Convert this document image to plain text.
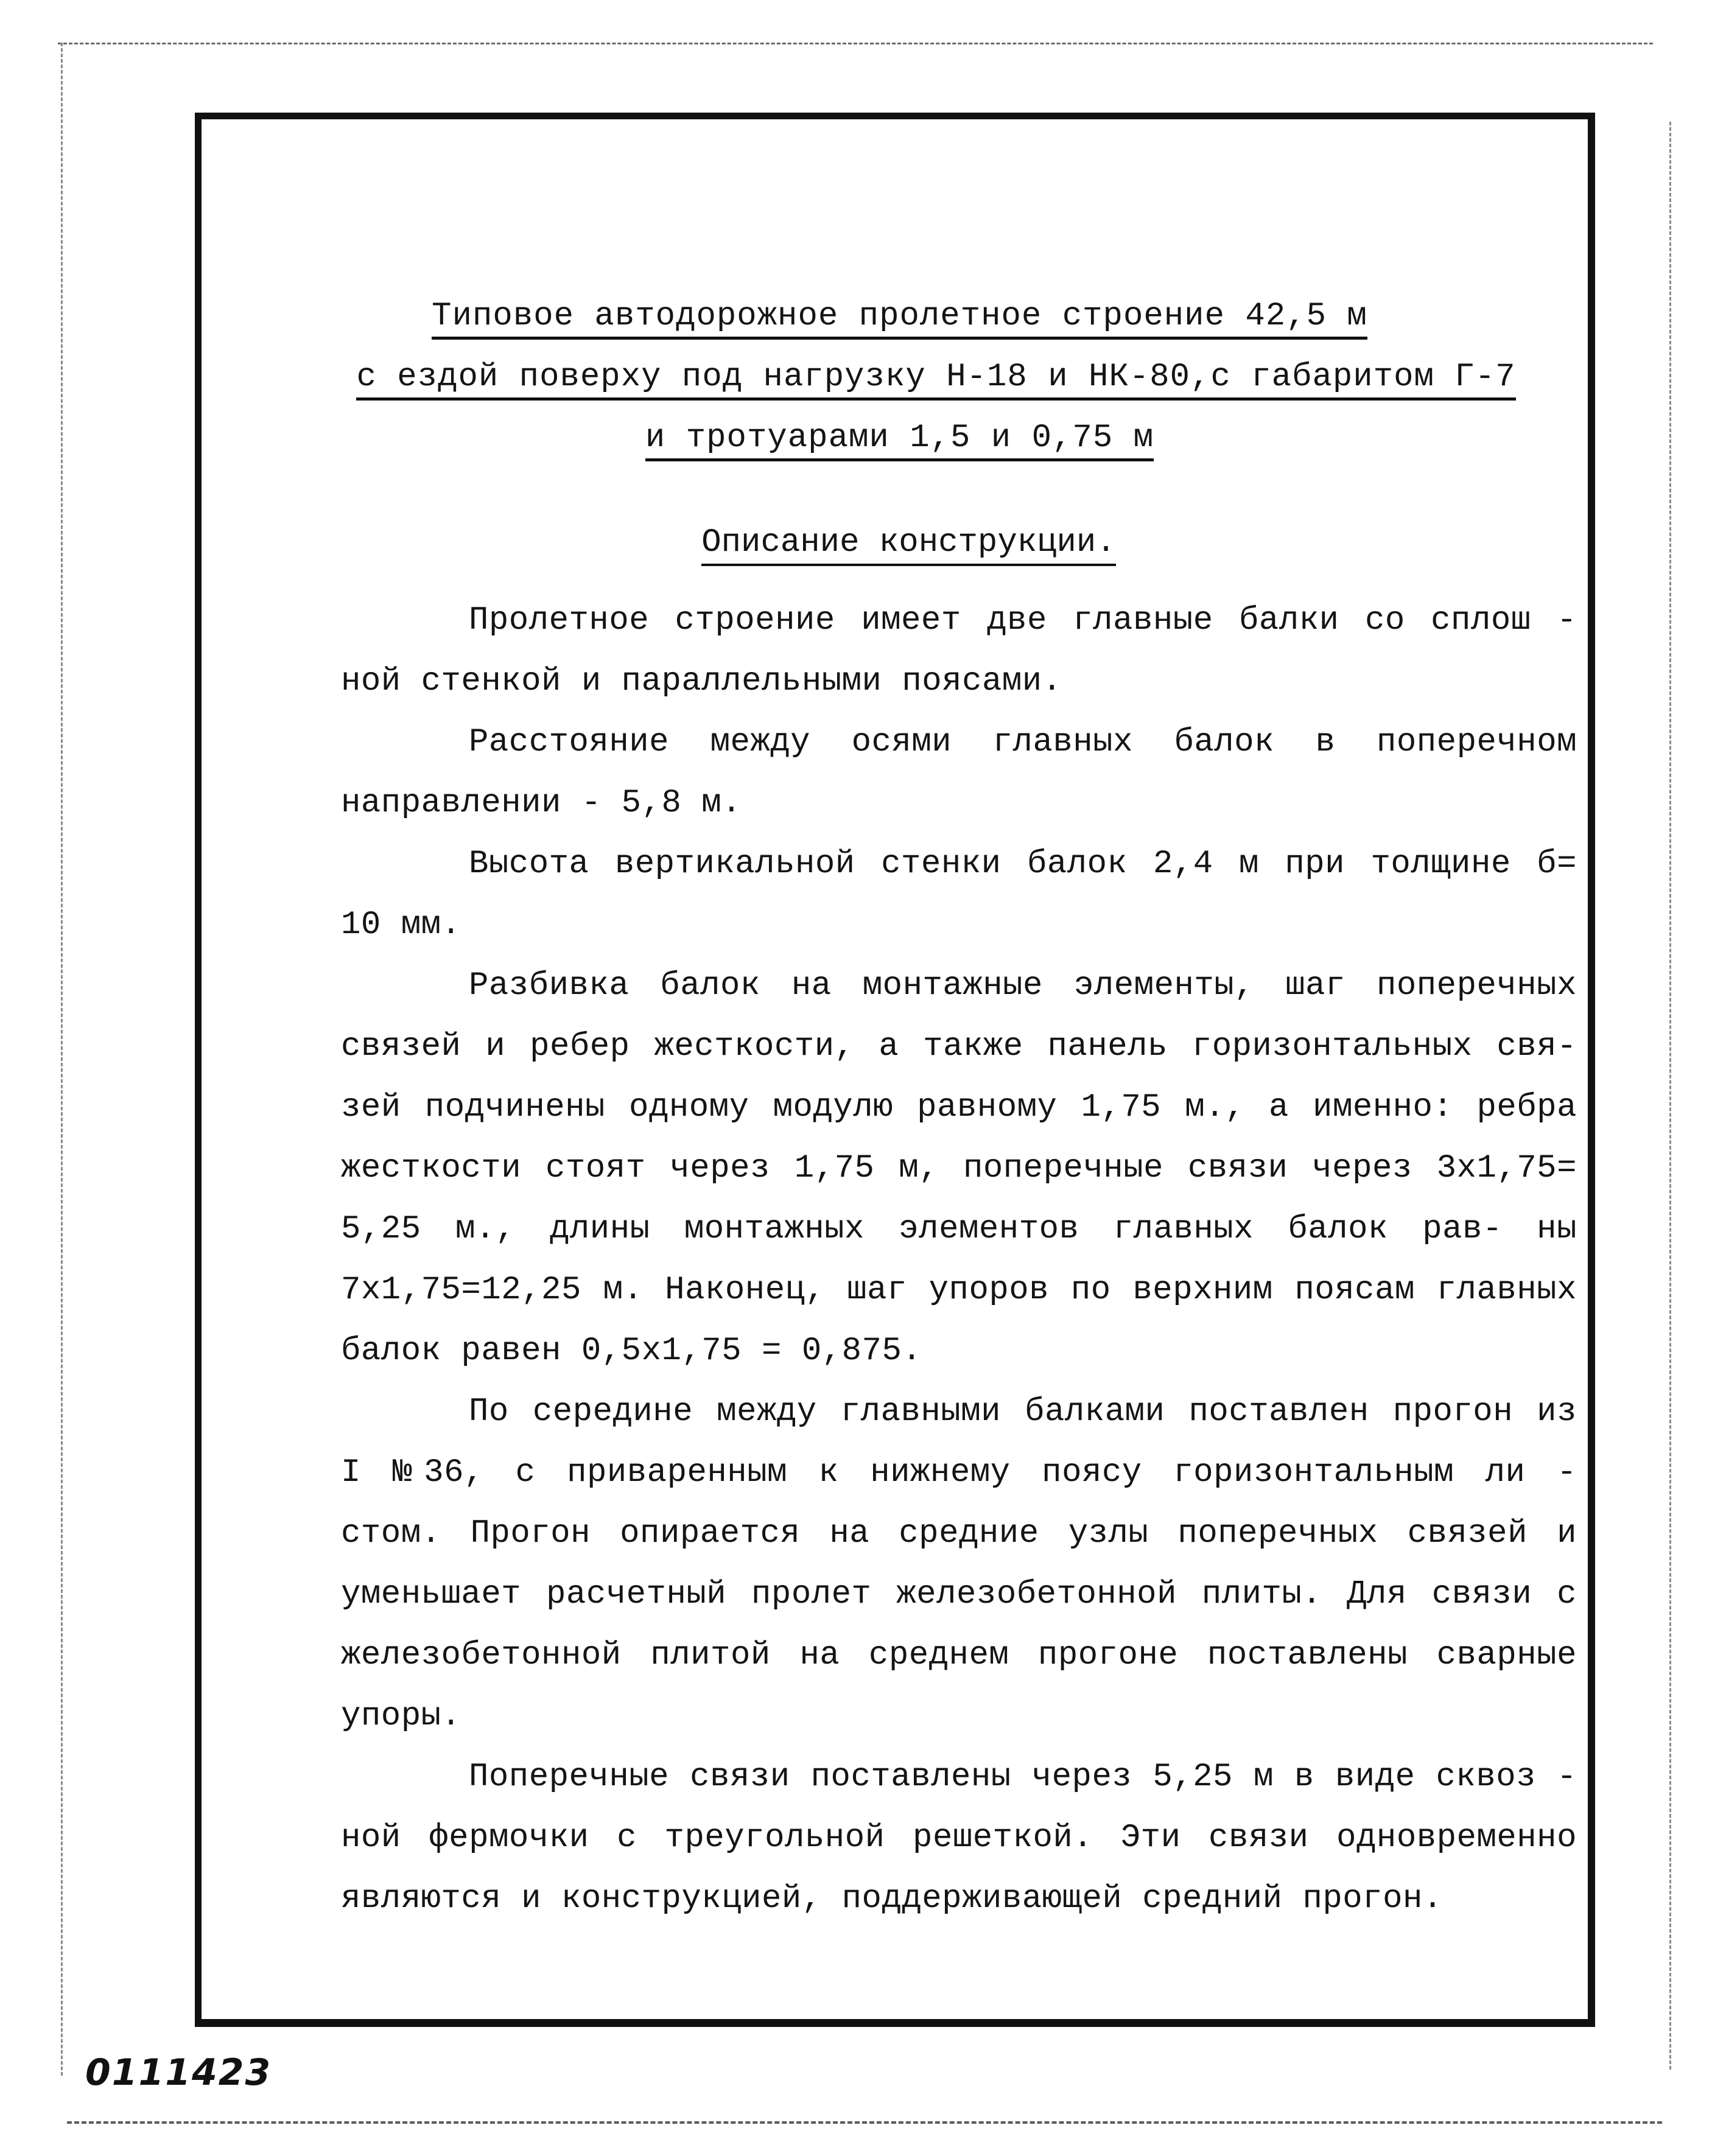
Типовое автодорожное пролетное строение 42,5 м
с ездой поверху под нагрузку Н-18 и НК-80,с габаритом Г-7
и тротуарами 1,5 и 0,75 м
Описание конструкции.

Пролетное строение имеет две главные балки со сплош - ной стенкой и параллельными поясами.

Расстояние между осями главных балок в поперечном направлении - 5,8 м.

Высота вертикальной стенки балок 2,4 м при толщине б= 10 мм.

Разбивка балок на монтажные элементы, шаг поперечных связей и ребер жесткости, а также панель горизонтальных свя- зей подчинены одному модулю равному 1,75 м., а именно: ребра жесткости стоят через 1,75 м, поперечные связи через 3x1,75= 5,25 м., длины монтажных элементов главных балок рав- ны 7x1,75=12,25 м. Наконец, шаг упоров по верхним поясам главных балок равен 0,5x1,75 = 0,875.

По середине между главными балками поставлен прогон из I №36, с приваренным к нижнему поясу горизонтальным ли - стом. Прогон опирается на средние узлы поперечных связей и уменьшает расчетный пролет железобетонной плиты. Для связи с железобетонной плитой на среднем прогоне поставлены сварные упоры.

Поперечные связи поставлены через 5,25 м в виде сквоз - ной фермочки с треугольной решеткой. Эти связи одновременно являются и конструкцией, поддерживающей средний прогон.

0111423
